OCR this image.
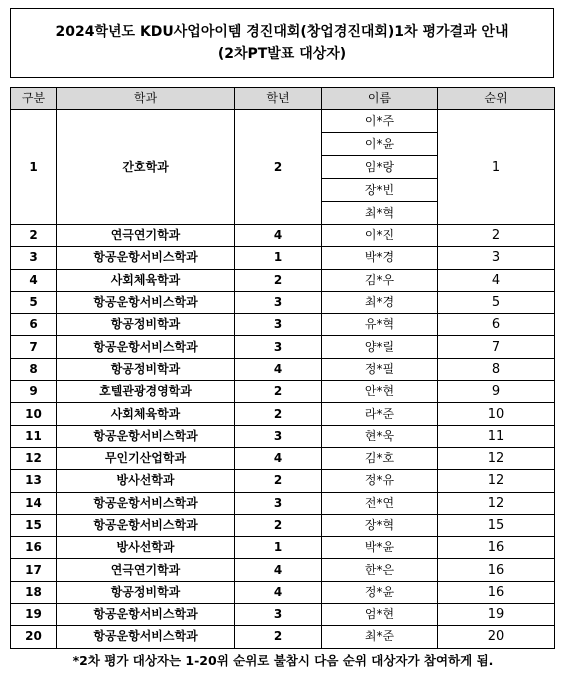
2024학년도 KDU사업아이템 경진대회(창업경진대회)1차 평가결과 안내
(2차PT발표 대상자)
구분	학과	학년	이름	순위
1	간호학과	2	이*주	1
			이*윤	
			임*랑	
			장*빈	
			최*혁	
2	연극연기학과	4	이*진	2
3	항공운항서비스학과	1	박*경	3
4	사회체육학과	2	김*우	4
5	항공운항서비스학과	3	최*경	5
6	항공정비학과	3	유*혁	6
7	항공운항서비스학과	3	양*릴	7
8	항공정비학과	4	정*필	8
9	호텔관광경영학과	2	안*현	9
10	사회체육학과	2	라*준	10
11	항공운항서비스학과	3	현*욱	11
12	무인기산업학과	4	김*호	12
13	방사선학과	2	정*유	12
14	항공운항서비스학과	3	전*연	12
15	항공운항서비스학과	2	장*혁	15
16	방사선학과	1	박*윤	16
17	연극연기학과	4	한*은	16
18	항공정비학과	4	정*윤	16
19	항공운항서비스학과	3	엄*현	19
20	항공운항서비스학과	2	최*준	20
*2차 평가 대상자는 1-20위 순위로 불참시 다음 순위 대상자가 참여하게 됨.
